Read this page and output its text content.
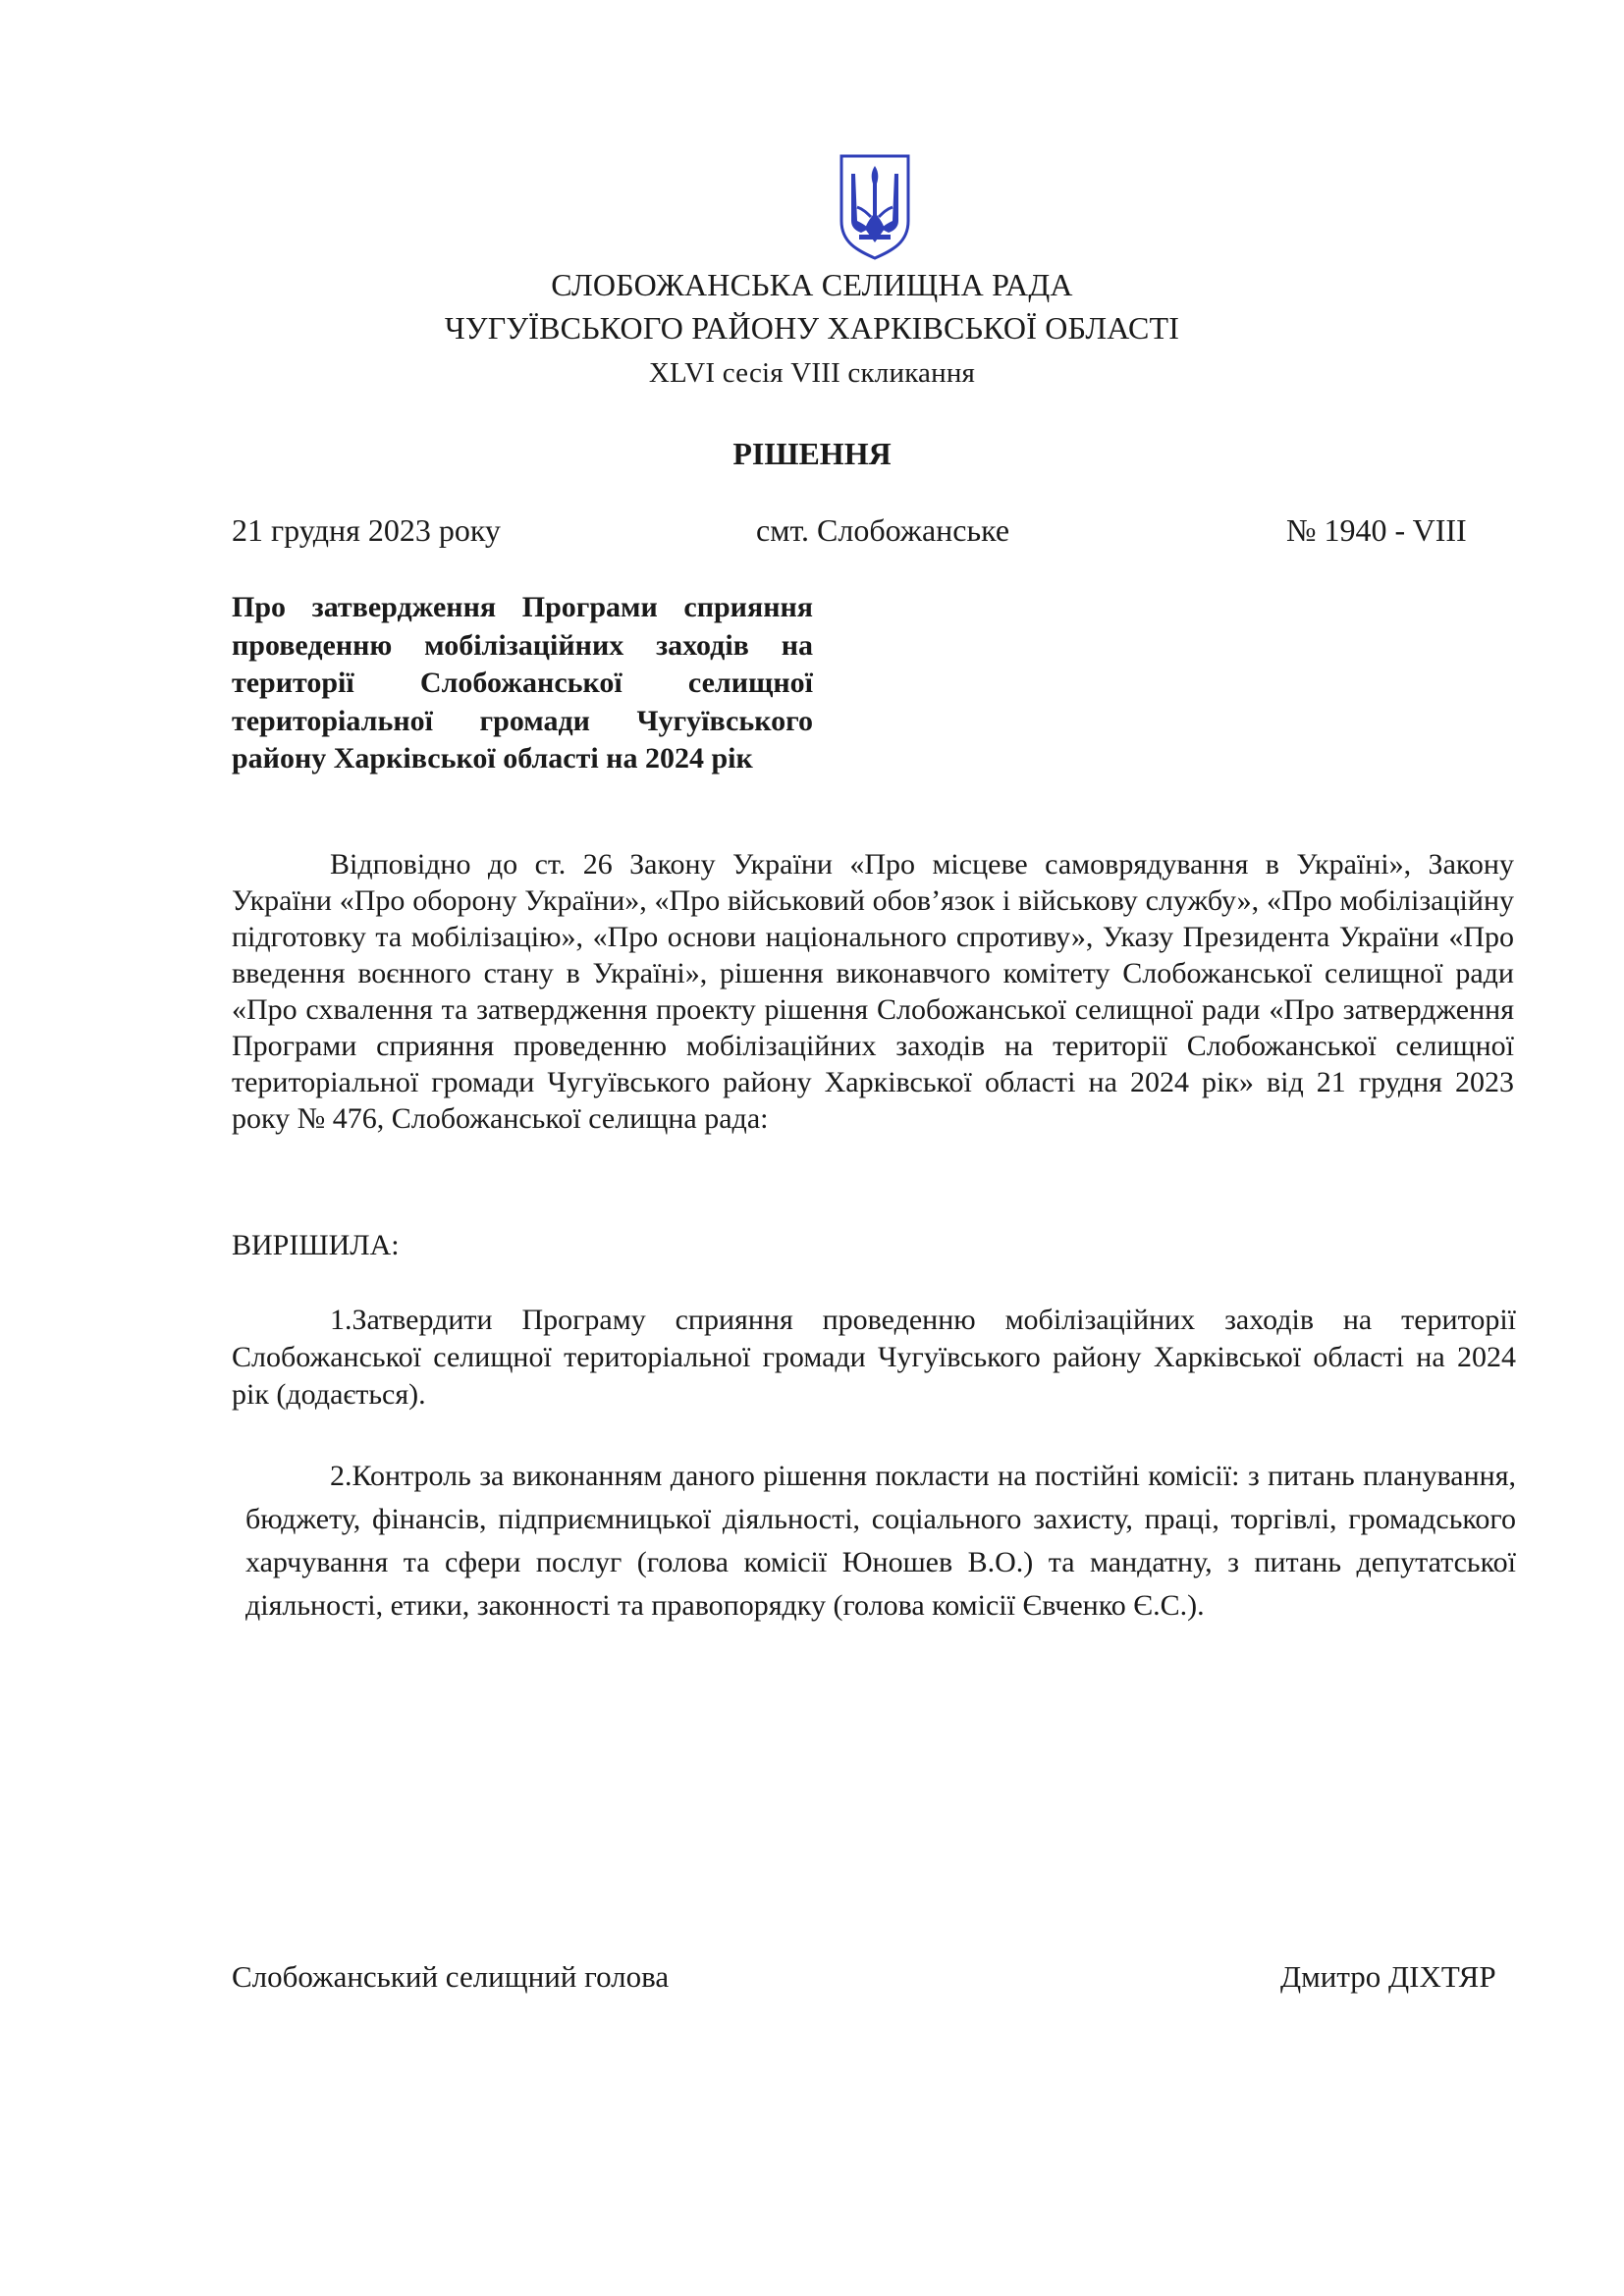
СЛОБОЖАНСЬКА СЕЛИЩНА РАДА
ЧУГУЇВСЬКОГО РАЙОНУ ХАРКІВСЬКОЇ ОБЛАСТІ
XLVI сесія VIII скликання
РІШЕННЯ
21 грудня 2023 року	смт. Слобожанське	№ 1940 - VIII
Про затвердження Програми сприяння проведенню мобілізаційних заходів на території Слобожанської селищної територіальної громади Чугуївського району Харківської області на 2024 рік
Відповідно до ст. 26 Закону України «Про місцеве самоврядування в Україні», Закону України «Про оборону України», «Про військовий обов’язок і військову службу», «Про мобілізаційну підготовку та мобілізацію», «Про основи національного спротиву», Указу Президента України «Про введення воєнного стану в Україні», рішення виконавчого комітету Слобожанської селищної ради «Про схвалення та затвердження проекту рішення Слобожанської селищної ради «Про затвердження Програми сприяння проведенню мобілізаційних заходів на території Слобожанської селищної територіальної громади Чугуївського району Харківської області на 2024 рік» від 21 грудня 2023 року № 476, Слобожанської селищна рада:
ВИРІШИЛА:
1.Затвердити Програму сприяння проведенню мобілізаційних заходів на території Слобожанської селищної територіальної громади Чугуївського району Харківської області на 2024 рік (додається).
2.Контроль за виконанням даного рішення покласти на постійні комісії: з питань планування, бюджету, фінансів, підприємницької діяльності, соціального захисту, праці, торгівлі, громадського харчування та сфери послуг (голова комісії Юношев В.О.) та мандатну, з питань депутатської діяльності, етики, законності та правопорядку (голова комісії Євченко Є.С.).
Слобожанський селищний голова	Дмитро ДІХТЯР
